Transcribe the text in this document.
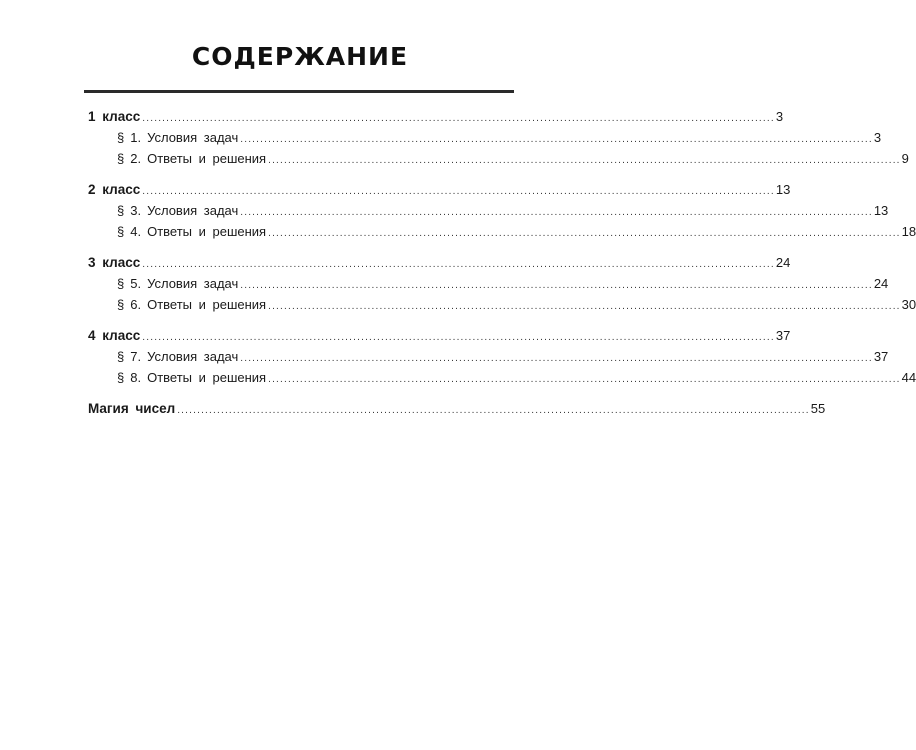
СОДЕРЖАНИЕ
1 класс ............................................................................................................................................................... 3
§ 1. Условия задач ............................................................................................................................................................... 3
§ 2. Ответы и решения ............................................................................................................................................................... 9
2 класс ............................................................................................................................................................... 13
§ 3. Условия задач ............................................................................................................................................................... 13
§ 4. Ответы и решения ............................................................................................................................................................... 18
3 класс ............................................................................................................................................................... 24
§ 5. Условия задач ............................................................................................................................................................... 24
§ 6. Ответы и решения ............................................................................................................................................................... 30
4 класс ............................................................................................................................................................... 37
§ 7. Условия задач ............................................................................................................................................................... 37
§ 8. Ответы и решения ............................................................................................................................................................... 44
Магия чисел ............................................................................................................................................................... 55
